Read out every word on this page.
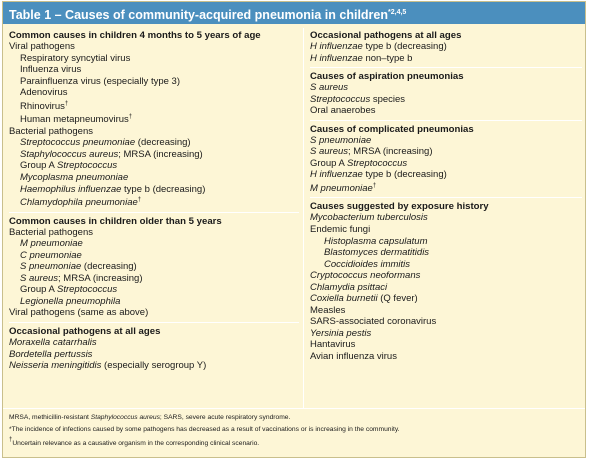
Table 1 – Causes of community-acquired pneumonia in children$^{*2,4,5}$
Common causes in children 4 months to 5 years of age
Viral pathogens
Respiratory syncytial virus
Influenza virus
Parainfluenza virus (especially type 3)
Adenovirus
Rhinovirus†
Human metapneumovirus†
Bacterial pathogens
Streptococcus pneumoniae (decreasing)
Staphylococcus aureus; MRSA (increasing)
Group A Streptococcus
Mycoplasma pneumoniae
Haemophilus influenzae type b (decreasing)
Chlamydophila pneumoniae†
Common causes in children older than 5 years
Bacterial pathogens
M pneumoniae
C pneumoniae
S pneumoniae (decreasing)
S aureus; MRSA (increasing)
Group A Streptococcus
Legionella pneumophila
Viral pathogens (same as above)
Occasional pathogens at all ages
Moraxella catarrhalis
Bordetella pertussis
Neisseria meningitidis (especially serogroup Y)
Occasional pathogens at all ages
H influenzae type b (decreasing)
H influenzae non–type b
Causes of aspiration pneumonias
S aureus
Streptococcus species
Oral anaerobes
Causes of complicated pneumonias
S pneumoniae
S aureus; MRSA (increasing)
Group A Streptococcus
H influenzae type b (decreasing)
M pneumoniae†
Causes suggested by exposure history
Mycobacterium tuberculosis
Endemic fungi
Histoplasma capsulatum
Blastomyces dermatitidis
Coccidioides immitis
Cryptococcus neoformans
Chlamydia psittaci
Coxiella burnetii (Q fever)
Measles
SARS-associated coronavirus
Yersinia pestis
Hantavirus
Avian influenza virus
MRSA, methicillin-resistant Staphylococcus aureus; SARS, severe acute respiratory syndrome.
*The incidence of infections caused by some pathogens has decreased as a result of vaccinations or is increasing in the community.
†Uncertain relevance as a causative organism in the corresponding clinical scenario.
